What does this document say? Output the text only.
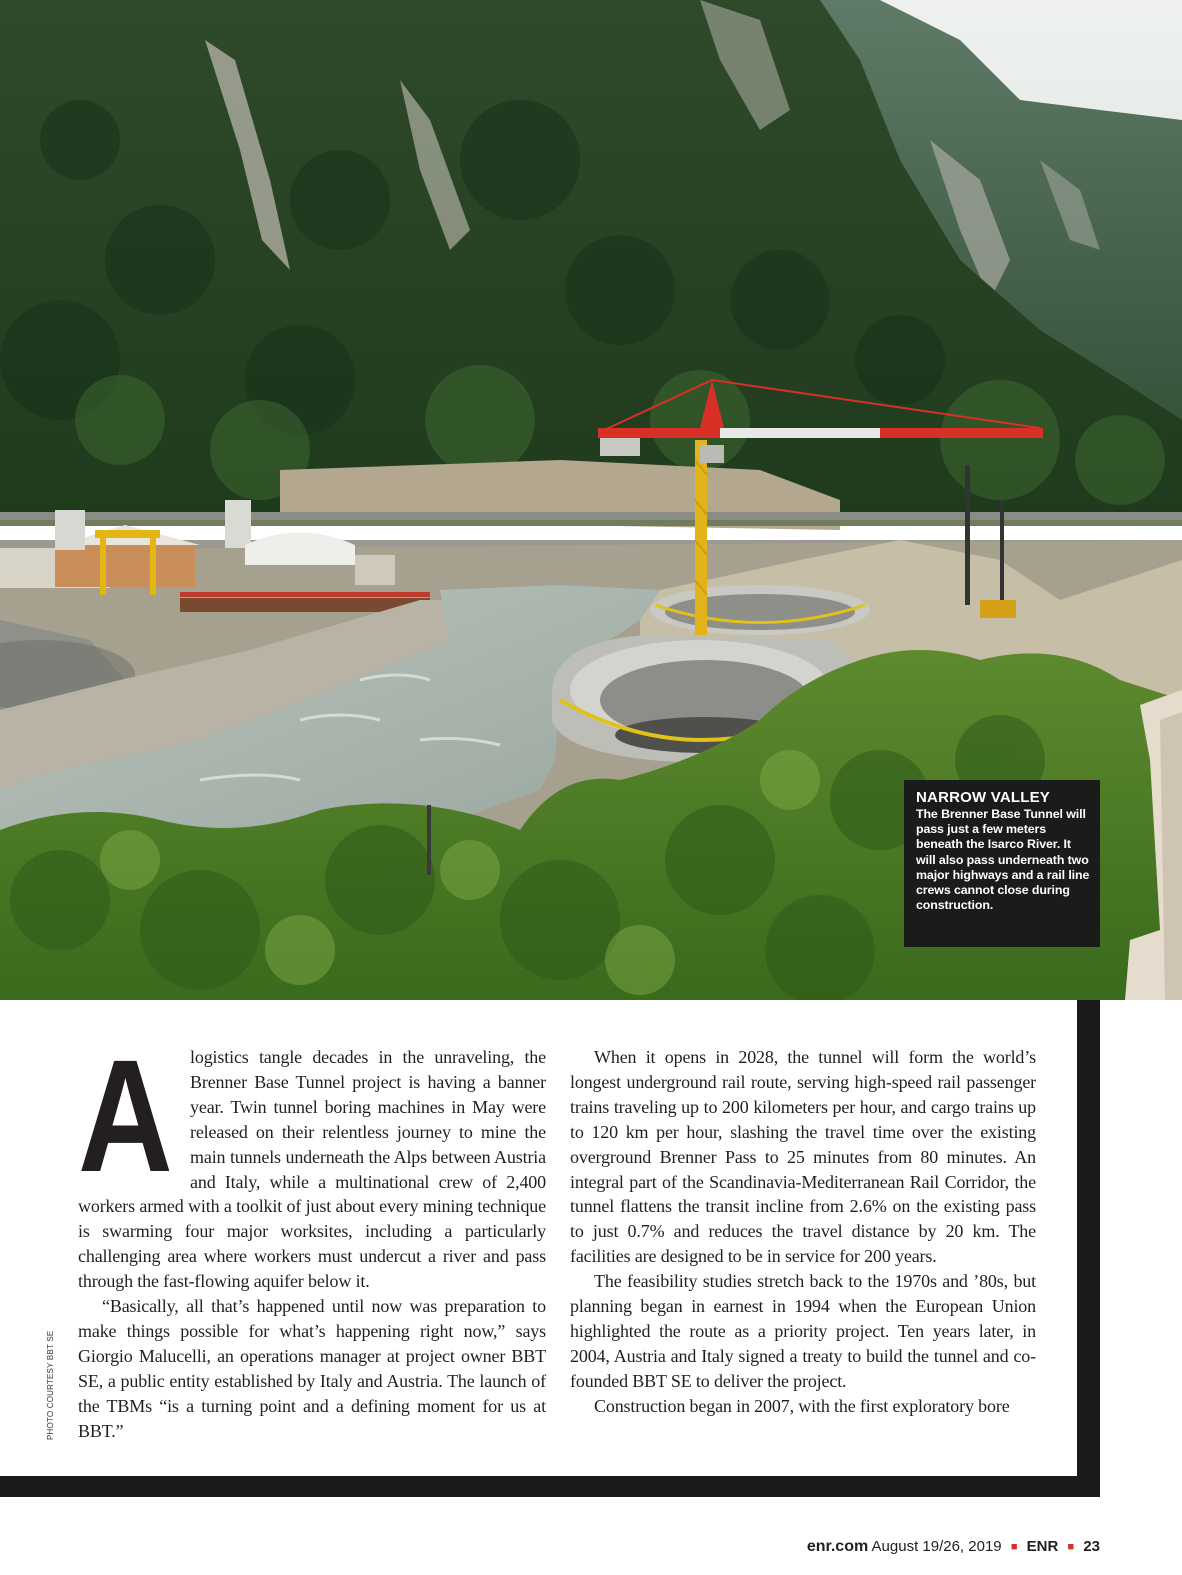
NARROW VALLEY
The Brenner Base Tunnel will pass just a few meters beneath the Isarco River. It will also pass underneath two major highways and a rail line crews cannot close during construction.
PHOTO COURTESY BBT SE

Alogistics tangle decades in the unraveling, the Brenner Base Tunnel project is having a banner year. Twin tunnel boring machines in May were released on their relentless journey to mine the main tunnels underneath the Alps between Austria and Italy, while a multinational crew of 2,400 workers armed with a toolkit of just about every mining technique is swarming four major worksites, including a particularly challenging area where workers must undercut a river and pass through the fast-flowing aquifer below it.

“Basically, all that’s happened until now was preparation to make things possible for what’s happening right now,” says Giorgio Malucelli, an operations manager at project owner BBT SE, a public entity established by Italy and Austria. The launch of the TBMs “is a turning point and a defining moment for us at BBT.”

When it opens in 2028, the tunnel will form the world’s longest underground rail route, serving high-speed rail passenger trains traveling up to 200 kilometers per hour, and cargo trains up to 120 km per hour, slashing the travel time over the existing overground Brenner Pass to 25 minutes from 80 minutes. An integral part of the Scandinavia-Mediterranean Rail Corridor, the tunnel flattens the transit incline from 2.6% on the existing pass to just 0.7% and reduces the travel distance by 20 km. The facilities are designed to be in service for 200 years.

The feasibility studies stretch back to the 1970s and ’80s, but planning began in earnest in 1994 when the European Union highlighted the route as a priority project. Ten years later, in 2004, Austria and Italy signed a treaty to build the tunnel and co-founded BBT SE to deliver the project.

Construction began in 2007, with the first exploratory bore

enr.com August 19/26, 2019 ■ ENR ■ 23
